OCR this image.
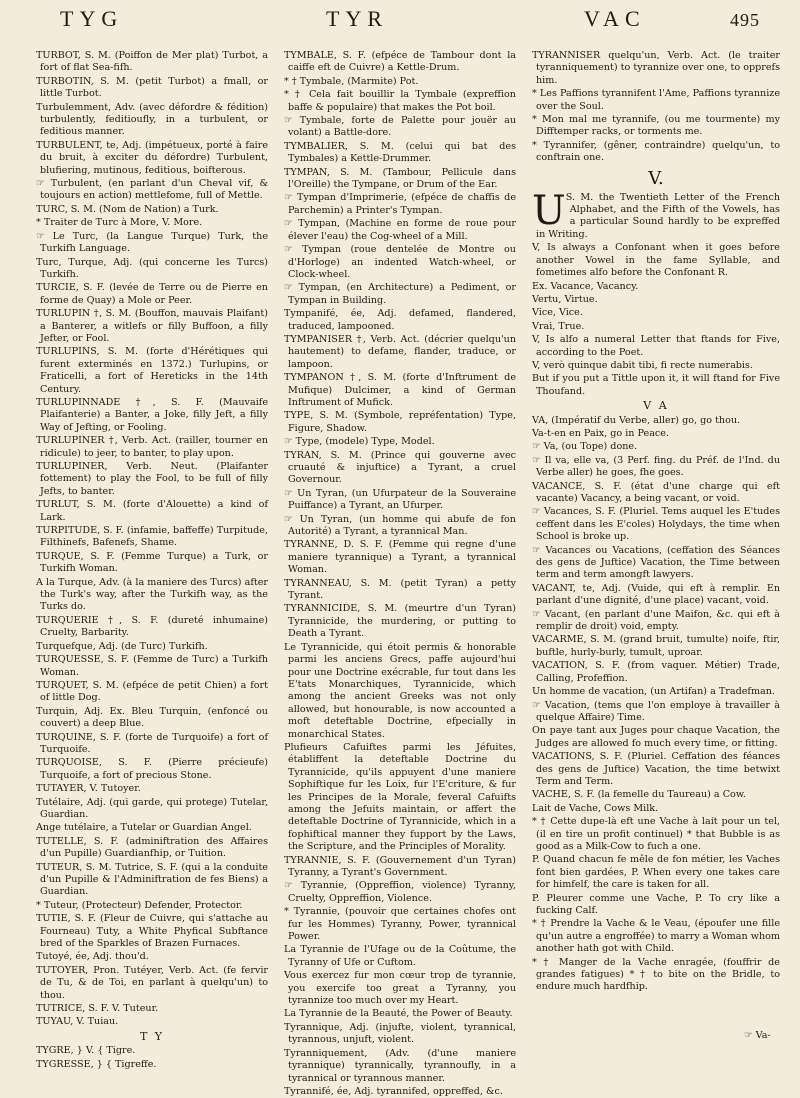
TYG	TYR	VAC	495
TURBOT, S. M. (Poiffon de Mer plat) Turbot, a fort of flat Sea-fifh.
TURBOTIN, S. M. (petit Turbot) a fmall, or little Turbot.
Turbulemment, Adv. (avec défordre & fédition) turbulently, feditioufly, in a turbulent, or feditious manner.
TURBULENT, te, Adj. (impétueux, porté à faire du bruit, à exciter du défordre) Turbulent, blufiering, mutinous, feditious, boifterous.
☞ Turbulent, (en parlant d'un Cheval vif, & toujours en action) mettlefome, full of Mettle.
TURC, S. M. (Nom de Nation) a Turk.
* Traiter de Turc à More, V. More.
☞ Le Turc, (la Langue Turque) Turk, the Turkifh Language.
Turc, Turque, Adj. (qui concerne les Turcs) Turkifh.
TURCIE, S. F. (levée de Terre ou de Pierre en forme de Quay) a Mole or Peer.
TURLUPIN †, S. M. (Bouffon, mauvais Plaifant) a Banterer, a witlefs or filly Buffoon, a filly Jefter, or Fool.
TURLUPINS, S. M. (forte d'Hérétiques qui furent exterminés en 1372.) Turlupins, or Fraticelli, a fort of Hereticks in the 14th Century.
TURLUPINNADE †, S. F. (Mauvaife Plaifanterie) a Banter, a Joke, filly Jeft, a filly Way of Jefting, or Fooling.
TURLUPINER †, Verb. Act. (railler, tourner en ridicule) to jeer, to banter, to play upon.
TURLUPINER, Verb. Neut. (Plaifanter fottement) to play the Fool, to be full of filly Jefts, to banter.
TURLUT, S. M. (forte d'Alouette) a kind of Lark.
TURPITUDE, S. F. (infamie, baffeffe) Turpitude, Filthinefs, Bafenefs, Shame.
TURQUE, S. F. (Femme Turque) a Turk, or Turkifh Woman.
A la Turque, Adv. (à la maniere des Turcs) after the Turk's way, after the Turkifh way, as the Turks do.
TURQUERIE †, S. F. (dureté inhumaine) Cruelty, Barbarity.
Turquefque, Adj. (de Turc) Turkifh.
TURQUESSE, S. F. (Femme de Turc) a Turkifh Woman.
TURQUET, S. M. (efpéce de petit Chien) a fort of little Dog.
Turquin, Adj. Ex. Bleu Turquin, (enfoncé ou couvert) a deep Blue.
TURQUINE, S. F. (forte de Turquoife) a fort of Turquoife.
TURQUOISE, S. F. (Pierre précieufe) Turquoife, a fort of precious Stone.
TUTAYER, V. Tutoyer.
Tutélaire, Adj. (qui garde, qui protege) Tutelar, Guardian.
Ange tutélaire, a Tutelar or Guardian Angel.
TUTELLE, S. F. (adminiftration des Affaires d'un Pupille) Guardianfhip, or Tuition.
TUTEUR, S. M. Tutrice, S. F. (qui a la conduite d'un Pupille & l'Adminiftration de fes Biens) a Guardian.
* Tuteur, (Protecteur) Defender, Protector.
TUTIE, S. F. (Fleur de Cuivre, qui s'attache au Fourneau) Tuty, a White Phyfical Subftance bred of the Sparkles of Brazen Furnaces.
Tutoyé, ée, Adj. thou'd.
TUTOYER, Pron. Tutéyer, Verb. Act. (fe fervir de Tu, & de Toi, en parlant à quelqu'un) to thou.
TUTRICE, S. F. V. Tuteur.
TUYAU, V. Tuiau.
T Y
TYGRE, } V. { Tigre.
TYGRESSE, } { Tigreffe.
TYMBALE, S. F. (efpéce de Tambour dont la caiffe eft de Cuivre) a Kettle-Drum.
* † Tymbale, (Marmite) Pot.
* † Cela fait bouillir la Tymbale (expreffion baffe & populaire) that makes the Pot boil.
☞ Tymbale, forte de Palette pour jouër au volant) a Battle-dore.
TYMBALIER, S. M. (celui qui bat des Tymbales) a Kettle-Drummer.
TYMPAN, S. M. (Tambour, Pellicule dans l'Oreille) the Tympane, or Drum of the Ear.
☞ Tympan d'Imprimerie, (efpéce de chaffis de Parchemin) a Printer's Tympan.
☞ Tympan, (Machine en forme de roue pour élever l'eau) the Cog-wheel of a Mill.
☞ Tympan (roue dentelée de Montre ou d'Horloge) an indented Watch-wheel, or Clock-wheel.
☞ Tympan, (en Architecture) a Pediment, or Tympan in Building.
Tympanifé, ée, Adj. defamed, flandered, traduced, lampooned.
TYMPANISER †, Verb. Act. (décrier quelqu'un hautement) to defame, flander, traduce, or lampoon.
TYMPANON †, S. M. (forte d'Inftrument de Mufique) Dulcimer, a kind of German Inftrument of Mufick.
TYPE, S. M. (Symbole, repréfentation) Type, Figure, Shadow.
☞ Type, (modele) Type, Model.
TYRAN, S. M. (Prince qui gouverne avec cruauté & injuftice) a Tyrant, a cruel Governour.
☞ Un Tyran, (un Ufurpateur de la Souveraine Puiffance) a Tyrant, an Ufurper.
☞ Un Tyran, (un homme qui abufe de fon Autorité) a Tyrant, a tyrannical Man.
TYRANNE, D. S. F. (Femme qui regne d'une maniere tyrannique) a Tyrant, a tyrannical Woman.
TYRANNEAU, S. M. (petit Tyran) a petty Tyrant.
TYRANNICIDE, S. M. (meurtre d'un Tyran) Tyrannicide, the murdering, or putting to Death a Tyrant.
Le Tyrannicide, qui étoit permis & honorable parmi les anciens Grecs, paffe aujourd'hui pour une Doctrine exécrable, fur tout dans les E'tats Monarchiques, Tyrannicide, which among the ancient Greeks was not only allowed, but honourable, is now accounted a moft deteftable Doctrine, efpecially in monarchical States.
Plufieurs Cafuiftes parmi les Jéfuites, établiffent la deteftable Doctrine du Tyrannicide, qu'ils appuyent d'une maniere Sophiftique fur les Loix, fur l'E'criture, & fur les Principes de la Morale, feveral Cafuifts among the Jefuits maintain, or affert the deteftable Doctrine of Tyrannicide, which in a fophiftical manner they fupport by the Laws, the Scripture, and the Principles of Morality.
TYRANNIE, S. F. (Gouvernement d'un Tyran) Tyranny, a Tyrant's Government.
☞ Tyrannie, (Oppreffion, violence) Tyranny, Cruelty, Oppreffion, Violence.
* Tyrannie, (pouvoir que certaines chofes ont fur les Hommes) Tyranny, Power, tyrannical Power.
La Tyrannie de l'Ufage ou de la Coûtume, the Tyranny of Ufe or Cuftom.
Vous exercez fur mon cœur trop de tyrannie, you exercife too great a Tyranny, you tyrannize too much over my Heart.
La Tyrannie de la Beauté, the Power of Beauty.
Tyrannique, Adj. (injufte, violent, tyrannical, tyrannous, unjuft, violent.
Tyranniquement, (Adv. (d'une maniere tyrannique) tyrannically, tyrannoufly, in a tyrannical or tyrannous manner.
Tyrannifé, ée, Adj. tyrannifed, oppreffed, &c.
TYRANNISER quelqu'un, Verb. Act. (le traiter tyranniquement) to tyrannize over one, to opprefs him.
* Les Paffions tyrannifent l'Ame, Paffions tyrannize over the Soul.
* Mon mal me tyrannife, (ou me tourmente) my Difftemper racks, or torments me.
* Tyrannifer, (gêner, contraindre) quelqu'un, to conftrain one.
V.
U S. M. the Twentieth Letter of the French Alphabet, and the Fifth of the Vowels, has a particular Sound hardly to be expreffed in Writing.
V, Is always a Confonant when it goes before another Vowel in the fame Syllable, and fometimes alfo before the Confonant R.
Ex. Vacance, Vacancy.
Vertu, Virtue.
Vice, Vice.
Vrai, True.
V, Is alfo a numeral Letter that ftands for Five, according to the Poet.
V, verò quinque dabit tibi, fi recte numerabis.
But if you put a Tittle upon it, it will ftand for Five Thoufand.
V A
VA, (Impératif du Verbe, aller) go, go thou.
Va-t-en en Paix, go in Peace.
☞ Va, (ou Tope) done.
☞ Il va, elle va, (3 Perf. fing. du Préf. de l'Ind. du Verbe aller) he goes, fhe goes.
VACANCE, S. F. (état d'une charge qui eft vacante) Vacancy, a being vacant, or void.
☞ Vacances, S. F. (Pluriel. Tems auquel les E'tudes ceffent dans les E'coles) Holydays, the time when School is broke up.
☞ Vacances ou Vacations, (ceffation des Séances des gens de Juftice) Vacation, the Time between term and term amongft lawyers.
VACANT, te, Adj. (Vuide, qui eft à remplir. En parlant d'une dignité, d'une place) vacant, void.
☞ Vacant, (en parlant d'une Maifon, &c. qui eft à remplir de droit) void, empty.
VACARME, S. M. (grand bruit, tumulte) noife, ftir, buftle, hurly-burly, tumult, uproar.
VACATION, S. F. (from vaquer. Métier) Trade, Calling, Profeffion.
Un homme de vacation, (un Artifan) a Tradefman.
☞ Vacation, (tems que l'on employe à travailler à quelque Affaire) Time.
On paye tant aux Juges pour chaque Vacation, the Judges are allowed fo much every time, or fitting.
VACATIONS, S. F. (Pluriel. Ceffation des féances des gens de Juftice) Vacation, the time betwixt Term and Term.
VACHE, S. F. (la femelle du Taureau) a Cow.
Lait de Vache, Cows Milk.
* † Cette dupe-là eft une Vache à lait pour un tel, (il en tire un profit continuel) * that Bubble is as good as a Milk-Cow to fuch a one.
P. Quand chacun fe mêle de fon métier, les Vaches font bien gardées, P. When every one takes care for himfelf, the care is taken for all.
P. Pleurer comme une Vache, P. To cry like a fucking Calf.
* † Prendre la Vache & le Veau, (époufer une fille qu'un autre a engroffée) to marry a Woman whom another hath got with Child.
* † Manger de la Vache enragée, (fouffrir de grandes fatigues) * † to bite on the Bridle, to endure much hardfhip.
☞ Va-
